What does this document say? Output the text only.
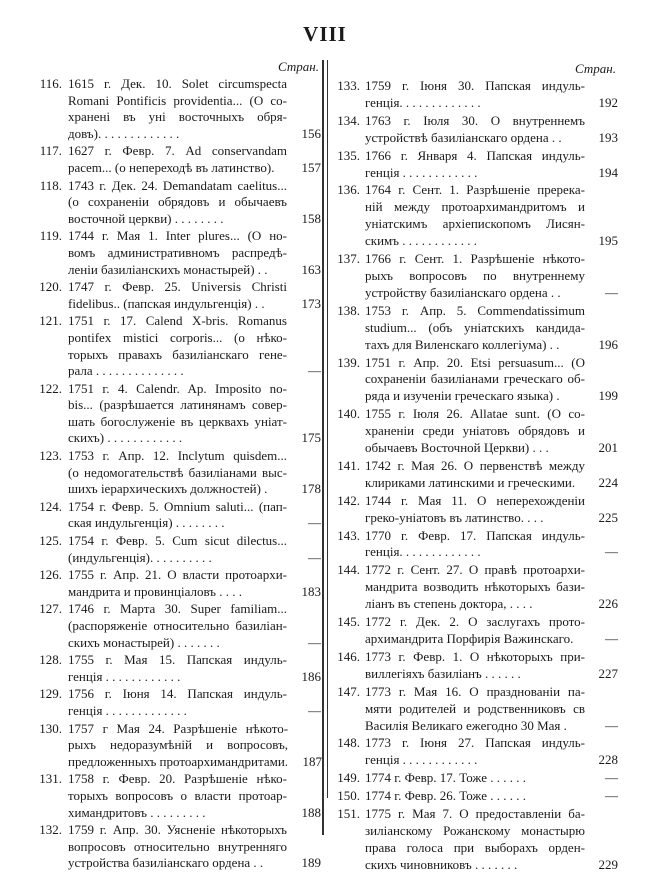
VIII
Стран.
116. 1615 г. Дек. 10. Solet circumspecta
Romani Pontificis providentia... (О со-
хранені въ уні восточныхъ обря-
довъ). . . . . . . . . . . . .	156
117. 1627 г. Февр. 7. Ad conservandam
pacem... (о непереходѣ въ латинство).	157
118. 1743 г. Дек. 24. Demandatam caelitus...
(о сохраненіи обрядовъ и обычаевъ
восточной церкви) . . . . . . . .	158
119. 1744 г. Мая 1. Inter plures... (О но-
вомъ административномъ распредѣ-
леніи базиліанскихъ монастырей) . .	163
120. 1747 г. Февр. 25. Universis Christi
fidelibus.. (папская индульгенція) . .	173
121. 1751 г. 17. Calend X-bris. Romanus
pontifex mistici corporis... (о нѣко-
торыхъ правахъ базиліанскаго гене-
рала . . . . . . . . . . . . . .	—
122. 1751 г. 4. Calendr. Ap. Imposito no-
bis... (разрѣшается латинянамъ совер-
шать богослуженіе въ церквахъ уніат-
скихъ) . . . . . . . . . . . .	175
123. 1753 г. Апр. 12. Inclytum quisdem...
(о недомогательствѣ базиліанами выс-
шихъ іерархическихъ должностей) .	178
124. 1754 г. Февр. 5. Omnium saluti... (пап-
ская индульгенція) . . . . . . . .	—
125. 1754 г. Февр. 5. Cum sicut dilectus...
(индульгенція). . . . . . . . . .	—
126. 1755 г. Апр. 21. О власти протоархи-
мандрита и провинціаловъ . . . .	183
127. 1746 г. Марта 30. Super familiam...
(распоряженіе относительно базиліан-
скихъ монастырей) . . . . . . .	—
128. 1755 г. Мая 15. Папская индуль-
генція . . . . . . . . . . . .	186
129. 1756 г. Іюня 14. Папская индуль-
генція . . . . . . . . . . . . .	—
130. 1757 г Мая 24. Разрѣшеніе нѣкото-
рыхъ недоразумѣній и вопросовъ,
предложенныхъ протоархимандритами.	187
131. 1758 г. Февр. 20. Разрѣшеніе нѣко-
торыхъ вопросовъ о власти протоар-
химандритовъ . . . . . . . . .	188
132. 1759 г. Апр. 30. Уясненіе нѣкоторыхъ
вопросовъ относительно внутренняго
устройства базиліанскаго ордена . .	189
Стран.
133. 1759 г. Іюня 30. Папская индуль-
генція. . . . . . . . . . . . .	192
134. 1763 г. Іюля 30. О внутреннемъ
устройствѣ базиліанскаго ордена . .	193
135. 1766 г. Января 4. Папская индуль-
генція . . . . . . . . . . . .	194
136. 1764 г. Сент. 1. Разрѣшеніе пререка-
ній между протоархимандритомъ и
уніатскимъ архіепископомъ Лисян-
скимъ . . . . . . . . . . . .	195
137. 1766 г. Сент. 1. Разрѣшеніе нѣкото-
рыхъ вопросовъ по внутреннему
устройству базиліанскаго ордена . .	—
138. 1753 г. Апр. 5. Commendatissimum
studium... (объ уніатскихъ кандида-
тахъ для Виленскаго коллегіума) . .	196
139. 1751 г. Апр. 20. Etsi persuasum... (О
сохраненіи базиліанами греческаго об-
ряда и изученіи греческаго языка) .	199
140. 1755 г. Іюля 26. Allatae sunt. (О со-
храненіи среди уніатовъ обрядовъ и
обычаевъ Восточной Церкви) . . .	201
141. 1742 г. Мая 26. О первенствѣ между
клириками латинскими и греческими.	224
142. 1744 г. Мая 11. О неперехожденіи
греко-уніатовъ въ латинство. . . .	225
143. 1770 г. Февр. 17. Папская индуль-
генція. . . . . . . . . . . . .	—
144. 1772 г. Сент. 27. О правѣ протоархи-
мандрита возводить нѣкоторыхъ бази-
ліанъ въ степень доктора, . . . .	226
145. 1772 г. Дек. 2. О заслугахъ прото-
архимандрита Порфирія Важинскаго.	—
146. 1773 г. Февр. 1. О нѣкоторыхъ при-
виллегіяхъ базиліанъ . . . . . .	227
147. 1773 г. Мая 16. О празднованіи па-
мяти родителей и родственниковъ св
Василія Великаго ежегодно 30 Мая .	—
148. 1773 г. Іюня 27. Папская индуль-
генція . . . . . . . . . . . .	228
149. 1774 г. Февр. 17. Тоже . . . . . .	—
150. 1774 г. Февр. 26. Тоже . . . . . .	—
151. 1775 г. Мая 7. О предоставленіи ба-
зиліанскому Рожанскому монастырю
права голоса при выборахъ орден-
скихъ чиновниковъ . . . . . . .	229
